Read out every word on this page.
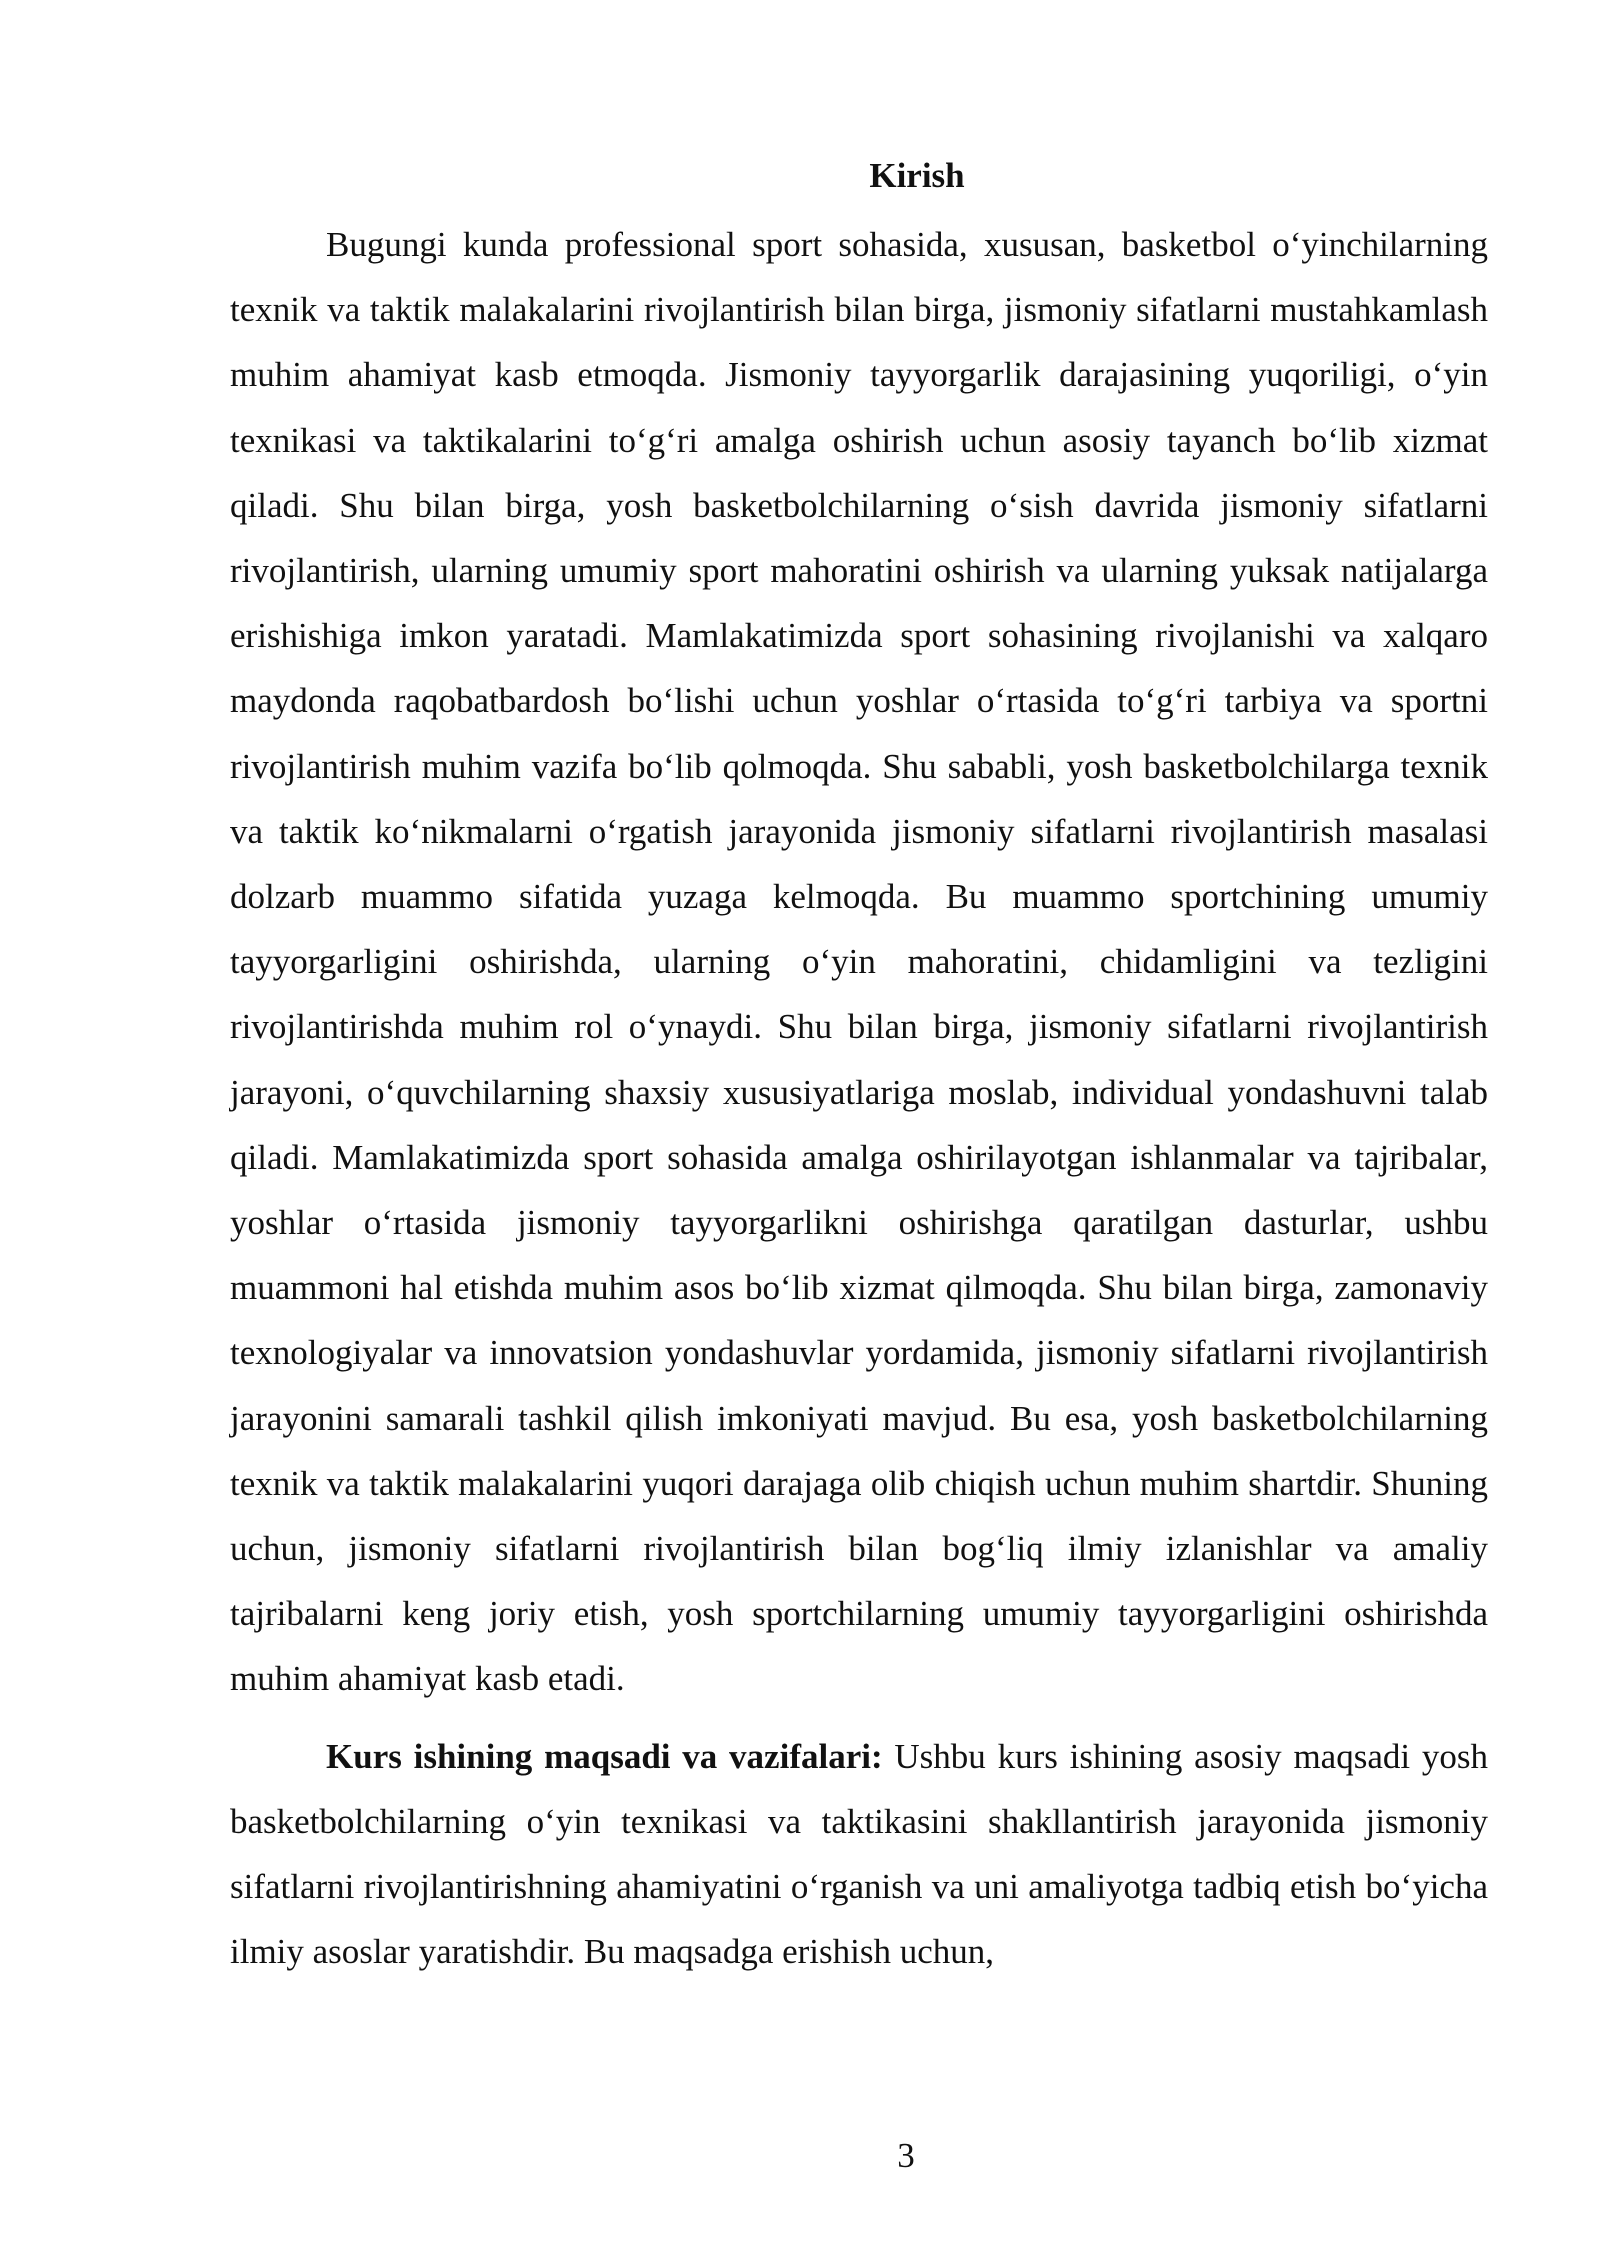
Kirish

Bugungi kunda professional sport sohasida, xususan, basketbol o‘yinchilarning texnik va taktik malakalarini rivojlantirish bilan birga, jismoniy sifatlarni mustahkamlash muhim ahamiyat kasb etmoqda. Jismoniy tayyorgarlik darajasining yuqoriligi, o‘yin texnikasi va taktikalarini to‘g‘ri amalga oshirish uchun asosiy tayanch bo‘lib xizmat qiladi. Shu bilan birga, yosh basketbolchilarning o‘sish davrida jismoniy sifatlarni rivojlantirish, ularning umumiy sport mahoratini oshirish va ularning yuksak natijalarga erishishiga imkon yaratadi. Mamlakatimizda sport sohasining rivojlanishi va xalqaro maydonda raqobatbardosh bo‘lishi uchun yoshlar o‘rtasida to‘g‘ri tarbiya va sportni rivojlantirish muhim vazifa bo‘lib qolmoqda. Shu sababli, yosh basketbolchilarga texnik va taktik ko‘nikmalarni o‘rgatish jarayonida jismoniy sifatlarni rivojlantirish masalasi dolzarb muammo sifatida yuzaga kelmoqda. Bu muammo sportchining umumiy tayyorgarligini oshirishda, ularning o‘yin mahoratini, chidamligini va tezligini rivojlantirishda muhim rol o‘ynaydi. Shu bilan birga, jismoniy sifatlarni rivojlantirish jarayoni, o‘quvchilarning shaxsiy xususiyatlariga moslab, individual yondashuvni talab qiladi. Mamlakatimizda sport sohasida amalga oshirilayotgan ishlanmalar va tajribalar, yoshlar o‘rtasida jismoniy tayyorgarlikni oshirishga qaratilgan dasturlar, ushbu muammoni hal etishda muhim asos bo‘lib xizmat qilmoqda. Shu bilan birga, zamonaviy texnologiyalar va innovatsion yondashuvlar yordamida, jismoniy sifatlarni rivojlantirish jarayonini samarali tashkil qilish imkoniyati mavjud. Bu esa, yosh basketbolchilarning texnik va taktik malakalarini yuqori darajaga olib chiqish uchun muhim shartdir. Shuning uchun, jismoniy sifatlarni rivojlantirish bilan bog‘liq ilmiy izlanishlar va amaliy tajribalarni keng joriy etish, yosh sportchilarning umumiy tayyorgarligini oshirishda muhim ahamiyat kasb etadi.

Kurs ishining maqsadi va vazifalari: Ushbu kurs ishining asosiy maqsadi yosh basketbolchilarning o‘yin texnikasi va taktikasini shakllantirish jarayonida jismoniy sifatlarni rivojlantirishning ahamiyatini o‘rganish va uni amaliyotga tadbiq etish bo‘yicha ilmiy asoslar yaratishdir. Bu maqsadga erishish uchun,

3
